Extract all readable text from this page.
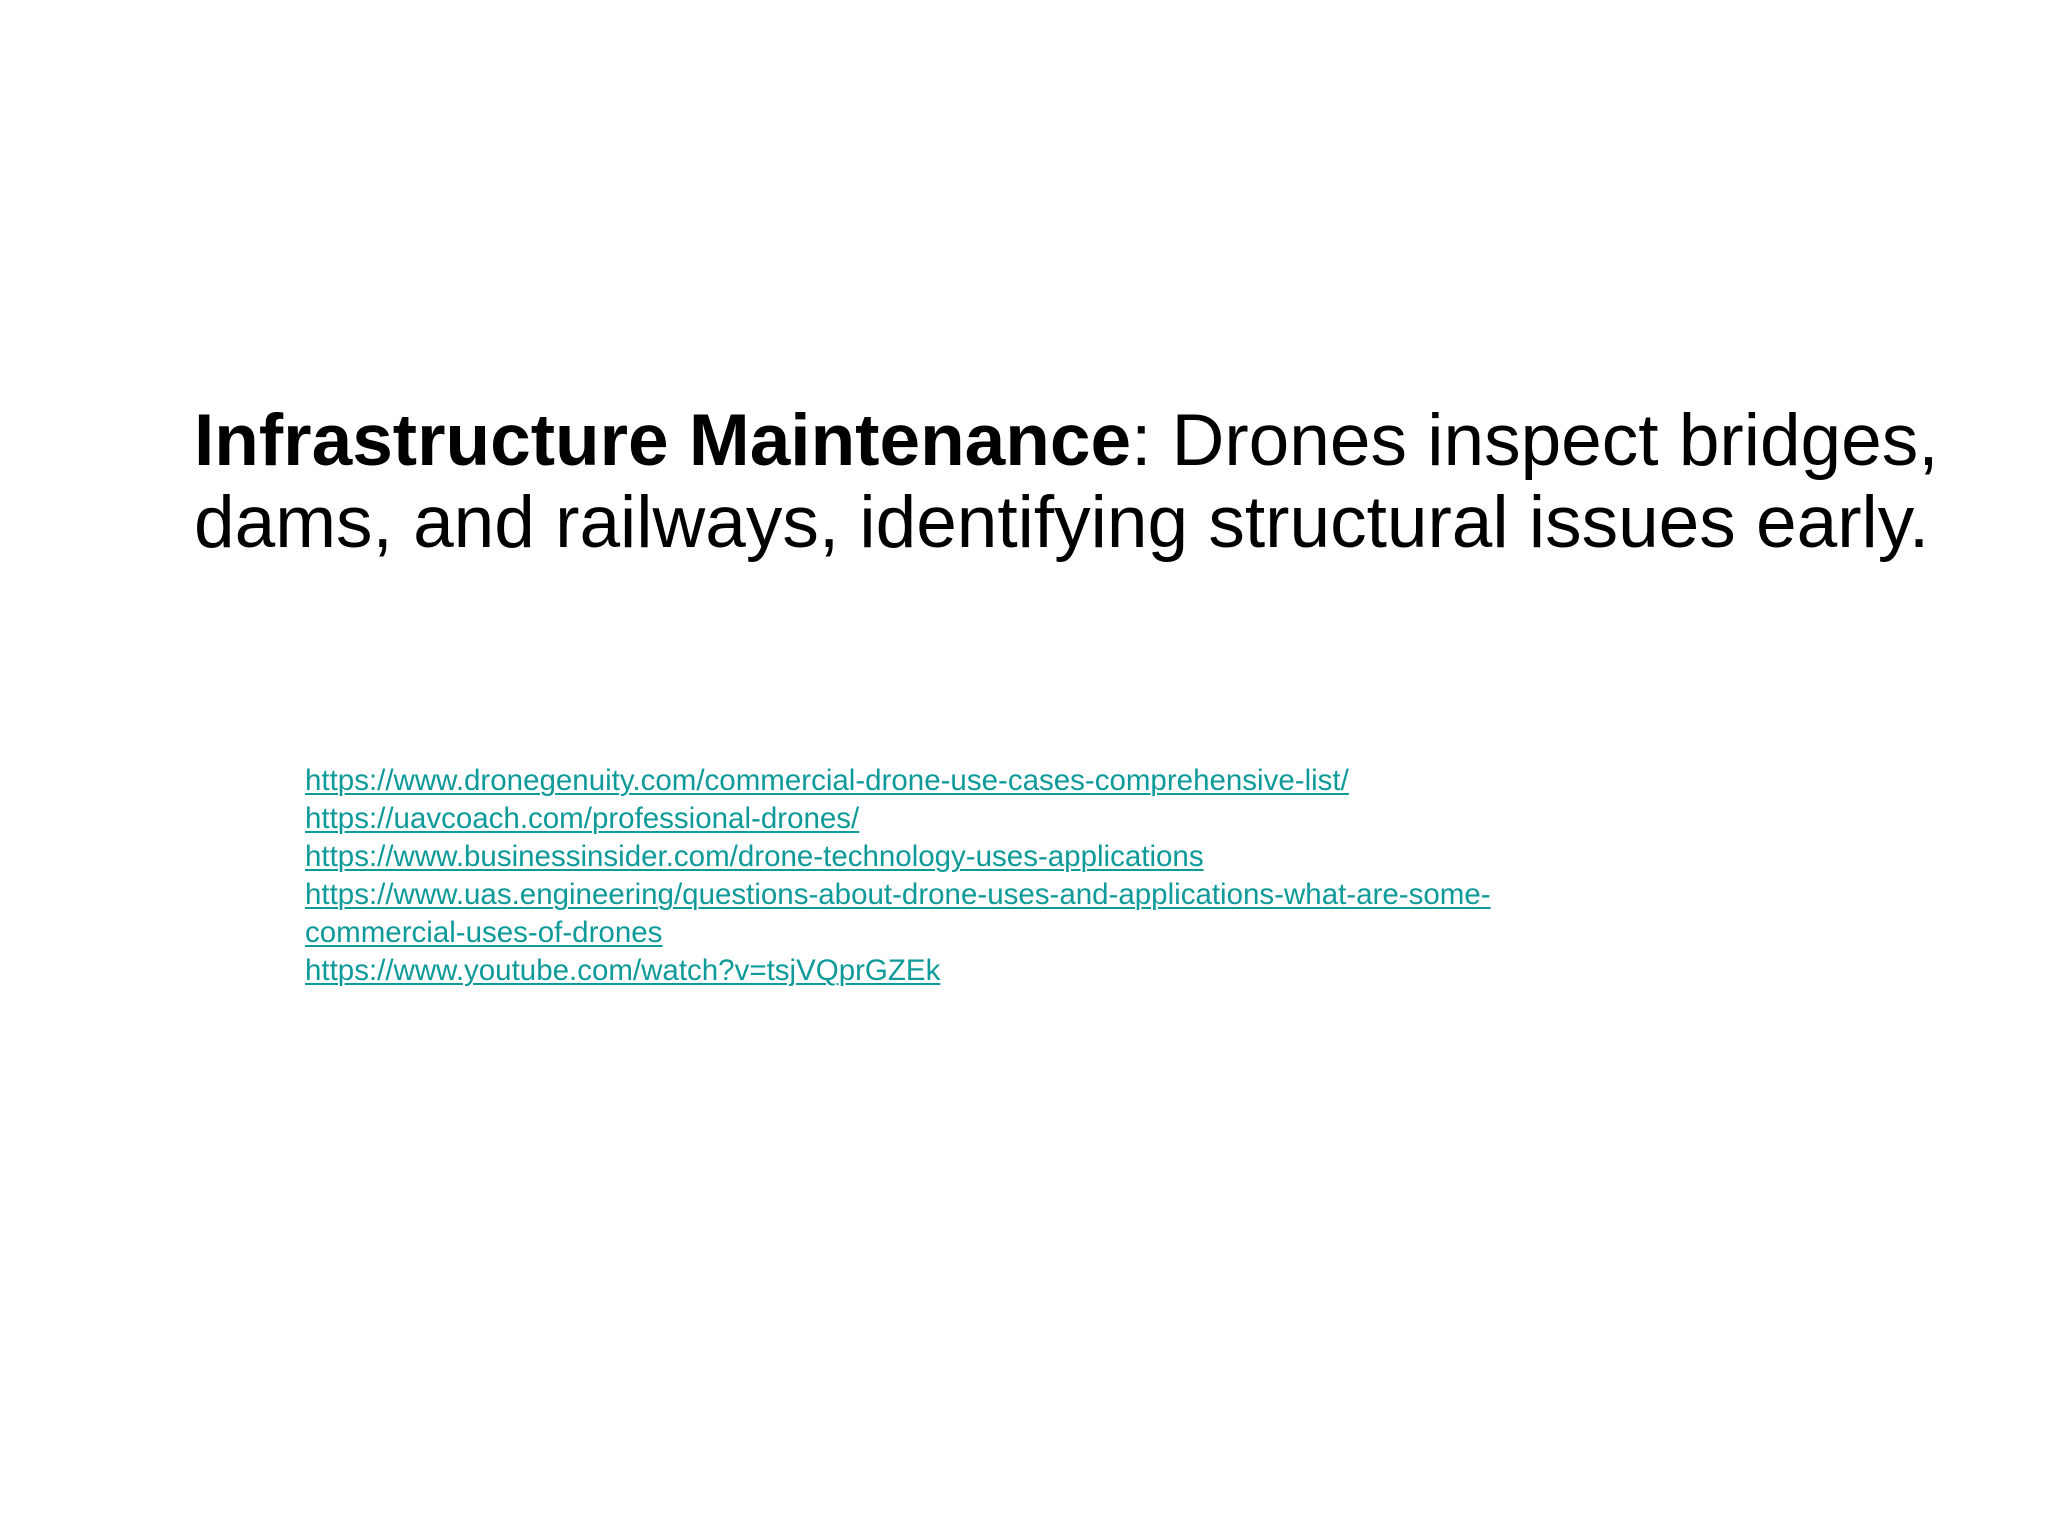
Infrastructure Maintenance: Drones inspect bridges, dams, and railways, identifying structural issues early.

https://www.dronegenuity.com/commercial-drone-use-cases-comprehensive-list/
https://uavcoach.com/professional-drones/
https://www.businessinsider.com/drone-technology-uses-applications
https://www.uas.engineering/questions-about-drone-uses-and-applications-what-are-some-
commercial-uses-of-drones
https://www.youtube.com/watch?v=tsjVQprGZEk
